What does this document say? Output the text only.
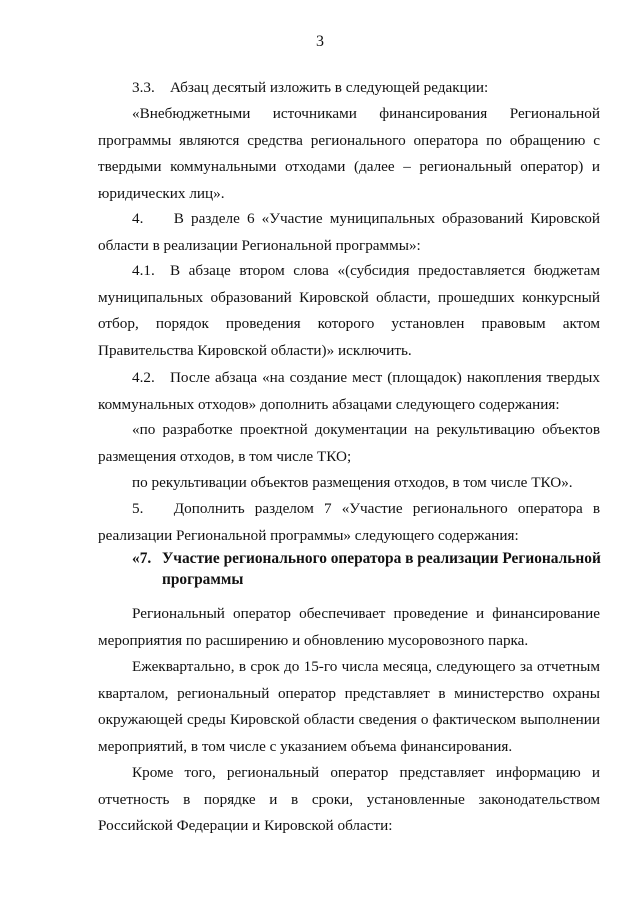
3
3.3. Абзац десятый изложить в следующей редакции:
«Внебюджетными источниками финансирования Региональной программы являются средства регионального оператора по обращению с твердыми коммунальными отходами (далее – региональный оператор) и юридических лиц».
4.  В разделе 6 «Участие муниципальных образований Кировской области в реализации Региональной программы»:
4.1. В абзаце втором слова «(субсидия предоставляется бюджетам муниципальных образований Кировской области, прошедших конкурсный отбор, порядок проведения которого установлен правовым актом Правительства Кировской области)» исключить.
4.2. После абзаца «на создание мест (площадок) накопления твердых коммунальных отходов» дополнить абзацами следующего содержания:
«по разработке проектной документации на рекультивацию объектов размещения отходов, в том числе ТКО;
по рекультивации объектов размещения отходов, в том числе ТКО».
5.  Дополнить разделом 7 «Участие регионального оператора в реализации Региональной программы» следующего содержания:
«7. Участие регионального оператора в реализации Региональной
программы
Региональный оператор обеспечивает проведение и финансирование мероприятия по расширению и обновлению мусоровозного парка.
Ежеквартально, в срок до 15-го числа месяца, следующего за отчетным кварталом, региональный оператор представляет в министерство охраны окружающей среды Кировской области сведения о фактическом выполнении мероприятий, в том числе с указанием объема финансирования.
Кроме того, региональный оператор представляет информацию и отчетность в порядке и в сроки, установленные законодательством Российской Федерации и Кировской области:
